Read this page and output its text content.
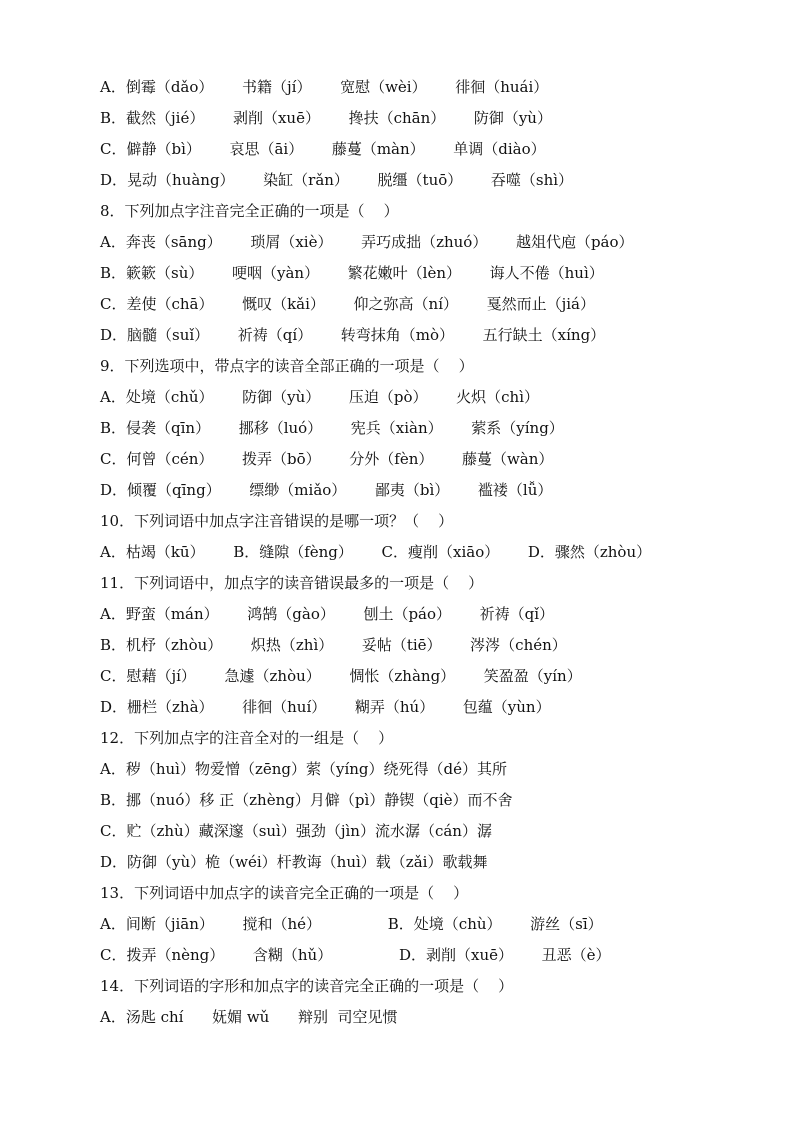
A．倒霉（dǎo）      书籍（jí）      宽慰（wèi）      徘徊（huái）
B．截然（jié）      剥削（xuē）      搀扶（chān）      防御（yù）
C．僻静（bì）      哀思（āi）      藤蔓（màn）      单调（diào）
D．晃动（huàng）      染缸（rǎn）      脱缰（tuō）      吞噬（shì）
8．下列加点字注音完全正确的一项是（    ）
A．奔丧（sāng）      琐屑（xiè）      弄巧成拙（zhuó）      越俎代庖（páo）
B．簌簌（sù）      哽咽（yàn）      繁花嫩叶（lèn）      诲人不倦（huì）
C．差使（chā）      慨叹（kǎi）      仰之弥高（ní）      戛然而止（jiá）
D．脑髓（suǐ）      祈祷（qí）      转弯抹角（mò）      五行缺土（xíng）
9．下列选项中，带点字的读音全部正确的一项是（    ）
A．处境（chǔ）      防御（yù）      压迫（pò）      火炽（chì）
B．侵袭（qīn）      挪移（luó）      宪兵（xiàn）      萦系（yíng）
C．何曾（cén）      拨弄（bō）      分外（fèn）      藤蔓（wàn）
D．倾覆（qīng）      缥缈（miǎo）      鄙夷（bì）      褴褛（lǚ）
10．下列词语中加点字注音错误的是哪一项？（    ）
A．枯竭（kū）      B．缝隙（fèng）      C．瘦削（xiāo）      D．骤然（zhòu）
11．下列词语中，加点字的读音错误最多的一项是（    ）
A．野蛮（mán）      鸿鹄（gào）      刨土（páo）      祈祷（qǐ）
B．机杼（zhòu）      炽热（zhì）      妥帖（tiē）      涔涔（chén）
C．慰藉（jí）      急遽（zhòu）      惆怅（zhàng）      笑盈盈（yín）
D．栅栏（zhà）      徘徊（huí）      糊弄（hú）      包蕴（yùn）
12．下列加点字的注音全对的一组是（    ）
A．秽（huì）物爱憎（zēng）萦（yíng）绕死得（dé）其所
B．挪（nuó）移 正（zhèng）月僻（pì）静锲（qiè）而不舍
C．贮（zhù）藏深邃（suì）强劲（jìn）流水潺（cán）潺
D．防御（yù）桅（wéi）杆教诲（huì）载（zǎi）歌载舞
13．下列词语中加点字的读音完全正确的一项是（    ）
A．间断（jiān）      搅和（hé）              B．处境（chù）      游丝（sī）
C．拨弄（nèng）      含糊（hǔ）              D．剥削（xuē）      丑恶（è）
14．下列词语的字形和加点字的读音完全正确的一项是（    ）
A．汤匙 chí      妩媚 wǔ      辩别  司空见惯
